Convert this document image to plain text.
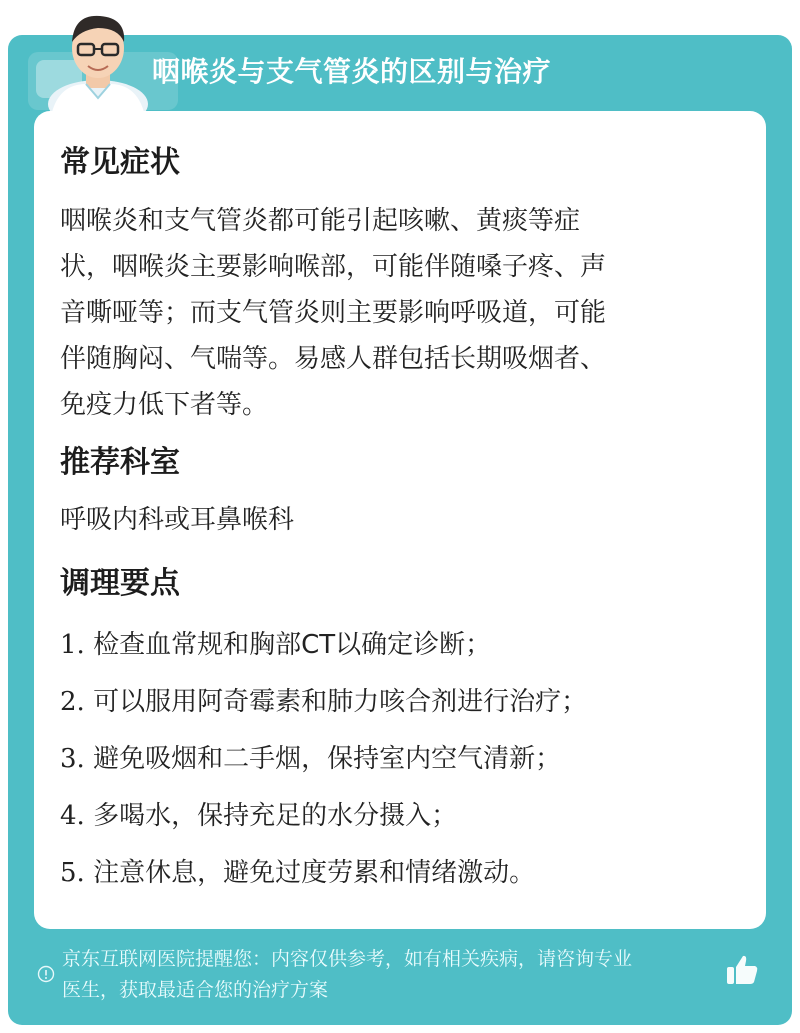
咽喉炎与支气管炎的区别与治疗
常见症状
咽喉炎和支气管炎都可能引起咳嗽、黄痰等症
状，咽喉炎主要影响喉部，可能伴随嗓子疼、声
音嘶哑等；而支气管炎则主要影响呼吸道，可能
伴随胸闷、气喘等。易感人群包括长期吸烟者、
免疫力低下者等。
推荐科室
呼吸内科或耳鼻喉科
调理要点
1. 检查血常规和胸部CT以确定诊断；
2. 可以服用阿奇霉素和肺力咳合剂进行治疗；
3. 避免吸烟和二手烟，保持室内空气清新；
4. 多喝水，保持充足的水分摄入；
5. 注意休息，避免过度劳累和情绪激动。
京东互联网医院提醒您：内容仅供参考，如有相关疾病，请咨询专业
医生，获取最适合您的治疗方案
